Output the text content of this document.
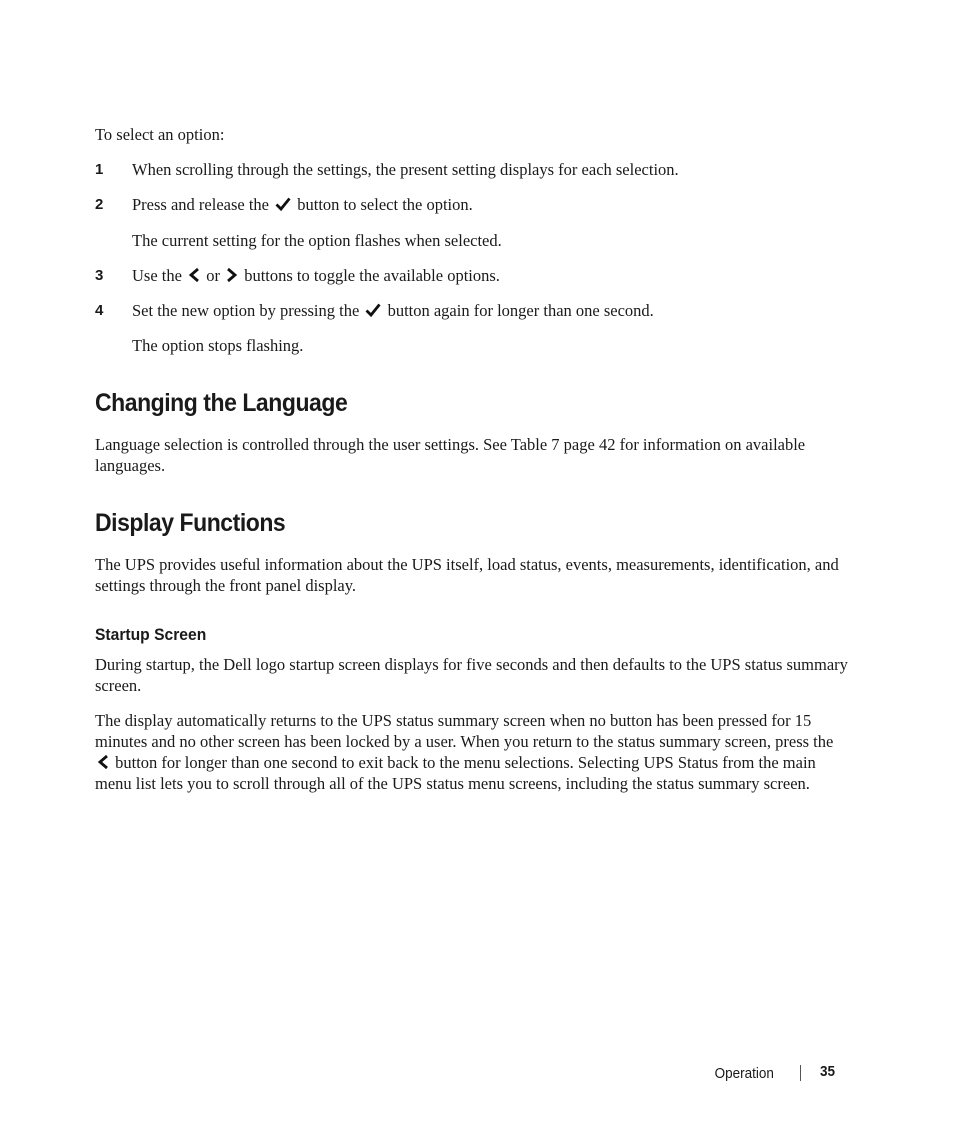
To select an option:
1	When scrolling through the settings, the present setting displays for each selection.
2	Press and release the button to select the option.
The current setting for the option flashes when selected.
3	Use the or buttons to toggle the available options.
4	Set the new option by pressing the button again for longer than one second.
The option stops flashing.
Changing the Language
Language selection is controlled through the user settings. See Table 7 page 42 for information on available languages.
Display Functions
The UPS provides useful information about the UPS itself, load status, events, measurements, identification, and settings through the front panel display.
Startup Screen
During startup, the Dell logo startup screen displays for five seconds and then defaults to the UPS status summary screen.
The display automatically returns to the UPS status summary screen when no button has been pressed for 15 minutes and no other screen has been locked by a user. When you return to the status summary screen, press the
button for longer than one second to exit back to the menu selections. Selecting UPS Status from the main menu list lets you to scroll through all of the UPS status menu screens, including the status summary screen.
Operation	35
